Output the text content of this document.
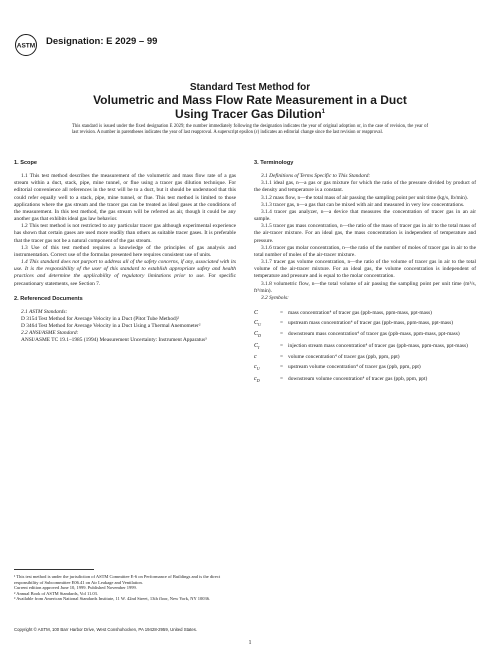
ASTM Designation: E 2029 – 99
Standard Test Method for
Volumetric and Mass Flow Rate Measurement in a Duct
Using Tracer Gas Dilution$^1$
This standard is issued under the fixed designation E 2029; the number immediately following the designation indicates the year of original adoption or, in the case of revision, the year of last revision. A number in parentheses indicates the year of last reapproval. A superscript epsilon (ε) indicates an editorial change since the last revision or reapproval.
1. Scope

1.1 This test method describes the measurement of the volumetric and mass flow rate of a gas stream within a duct, stack, pipe, mine tunnel, or flue using a tracer gas dilution technique. For editorial convenience all references in the text will be to a duct, but it should be understood that this could refer equally well to a stack, pipe, mine tunnel, or flue. This test method is limited to those applications where the gas stream and the tracer gas can be treated as ideal gases at the conditions of the measurement. In this test method, the gas stream will be referred as air, though it could be any another gas that exhibits ideal gas law behavior.

1.2 This test method is not restricted to any particular tracer gas although experimental experience has shown that certain gases are used more readily than others as suitable tracer gases. It is preferable that the tracer gas not be a natural component of the gas stream.

1.3 Use of this test method requires a knowledge of the principles of gas analysis and instrumentation. Correct use of the formulas presented here requires consistent use of units.

1.4 This standard does not purport to address all of the safety concerns, if any, associated with its use. It is the responsibility of the user of this standard to establish appropriate safety and health practices and determine the applicability of regulatory limitations prior to use. For specific precautionary statements, see Section 7.

2. Referenced Documents

2.1 ASTM Standards:

D 3154 Test Method for Average Velocity in a Duct (Pitot Tube Method)²

D 3464 Test Method for Average Velocity in a Duct Using a Thermal Anemometer²

2.2 ANSI/ASME Standard:

ANSI/ASME TC 19.1–1985 (1994) Measurement Uncertainty: Instrument Apparatus³

¹ This test method is under the jurisdiction of ASTM Committee E-6 on Performance of Buildings and is the direct responsibility of Subcommittee E06.41 on Air Leakage and Ventilation.
Current edition approved June 10, 1999. Published November 1999.
² Annual Book of ASTM Standards, Vol 11.03.
³ Available from American National Standards Institute, 11 W. 42nd Street, 13th floor, New York, NY 10036.
3. Terminology

3.1 Definitions of Terms Specific to This Standard:

3.1.1 ideal gas, n—a gas or gas mixture for which the ratio of the pressure divided by product of the density and temperature is a constant.

3.1.2 mass flow, n—the total mass of air passing the sampling point per unit time (kg/s, lb/min).

3.1.3 tracer gas, n—a gas that can be mixed with air and measured in very low concentrations.

3.1.4 tracer gas analyzer, n—a device that measures the concentration of tracer gas in an air sample.

3.1.5 tracer gas mass concentration, n—the ratio of the mass of tracer gas in air to the total mass of the air-tracer mixture. For an ideal gas, the mass concentration is independent of temperature and pressure.

3.1.6 tracer gas molar concentration, n—the ratio of the number of moles of tracer gas in air to the total number of moles of the air-tracer mixture.

3.1.7 tracer gas volume concentration, n—the ratio of the volume of tracer gas in air to the total volume of the air-tracer mixture. For an ideal gas, the volume concentration is independent of temperature and pressure and is equal to the molar concentration.

3.1.8 volumetric flow, n—the total volume of air passing the sampling point per unit time (m³/s, ft³/min).

3.2 Symbols:

C	= mass concentration⁴ of tracer gas (ppb-mass, ppm-mass, ppt-mass)
$C_U$	= upstream mass concentration⁴ of tracer gas (ppb-mass, ppm-mass, ppt-mass)
$C_D$	= downstream mass concentration⁴ of tracer gas (ppb-mass, ppm-mass, ppt-mass)
$C_I$	= injection stream mass concentration⁴ of tracer gas (ppb-mass, ppm-mass, ppt-mass)
c	= volume concentration⁴ of tracer gas (ppb, ppm, ppt)
$c_U$	= upstream volume concentration⁴ of tracer gas (ppb, ppm, ppt)
$c_D$	= downstream volume concentration⁴ of tracer gas (ppb, ppm, ppt)
Copyright © ASTM, 100 Barr Harbor Drive, West Conshohocken, PA 19428-2959, United States.
1
